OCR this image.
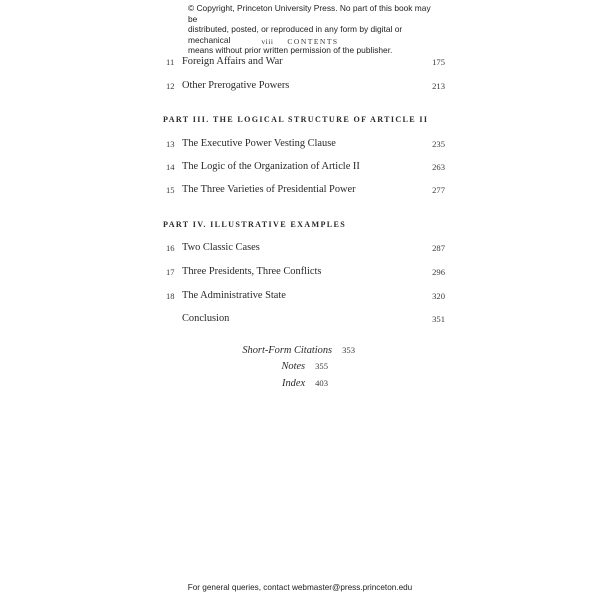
© Copyright, Princeton University Press. No part of this book may be
distributed, posted, or reproduced in any form by digital or mechanical
means without prior written permission of the publisher.
viii CONTENTS
11 Foreign Affairs and War	175
12 Other Prerogative Powers	213
PART III. THE LOGICAL STRUCTURE OF ARTICLE II
13 The Executive Power Vesting Clause	235
14 The Logic of the Organization of Article II	263
15 The Three Varieties of Presidential Power	277
PART IV. ILLUSTRATIVE EXAMPLES
16 Two Classic Cases	287
17 Three Presidents, Three Conflicts	296
18 The Administrative State	320
Conclusion	351
Short-Form Citations 353
Notes 355
Index 403
For general queries, contact webmaster@press.princeton.edu
